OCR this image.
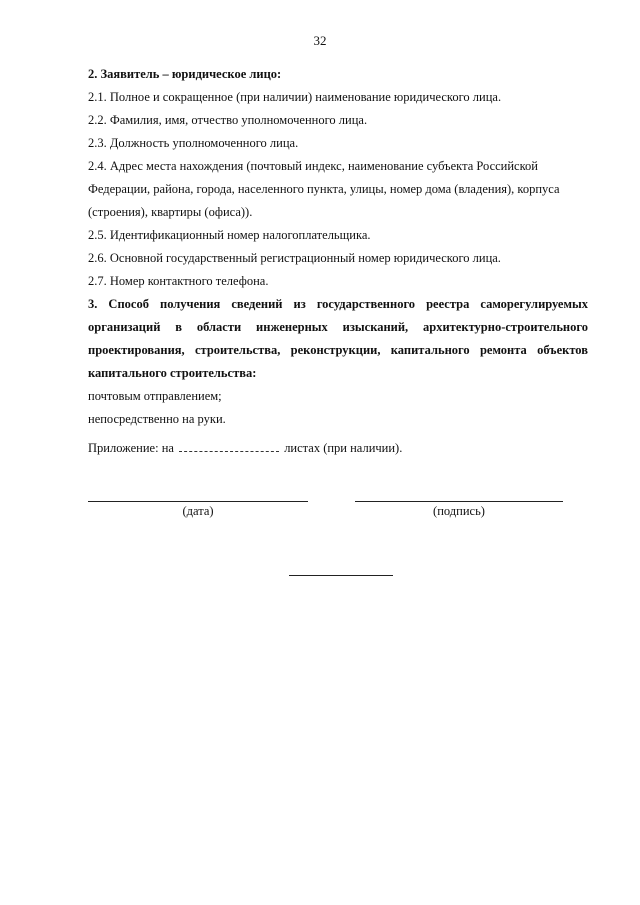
32
2. Заявитель – юридическое лицо:
2.1. Полное и сокращенное (при наличии) наименование юридического лица.
2.2. Фамилия, имя, отчество уполномоченного лица.
2.3. Должность уполномоченного лица.
2.4. Адрес места нахождения (почтовый индекс, наименование субъекта Российской
Федерации, района, города, населенного пункта, улицы, номер дома (владения), корпуса
(строения), квартиры (офиса)).
2.5. Идентификационный номер налогоплательщика.
2.6. Основной государственный регистрационный номер юридического лица.
2.7. Номер контактного телефона.
3. Способ получения сведений из государственного реестра саморегулируемых
организаций в области инженерных изысканий, архитектурно-строительного
проектирования, строительства, реконструкции, капитального ремонта объектов
капитального строительства:
почтовым отправлением;
непосредственно на руки.
Приложение: на	листах (при наличии).
(дата)	(подпись)
